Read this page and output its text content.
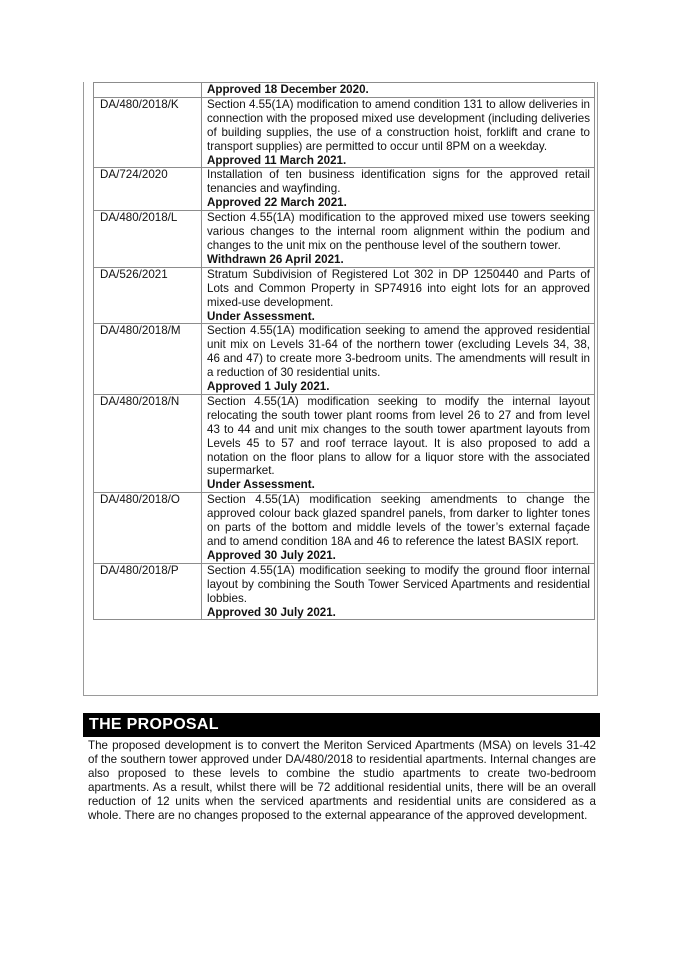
	Approved 18 December 2020.

DA/480/2018/K	Section 4.55(1A) modification to amend condition 131 to allow deliveries in connection with the proposed mixed use development (including deliveries of building supplies, the use of a construction hoist, forklift and crane to transport supplies) are permitted to occur until 8PM on a weekday.
Approved 11 March 2021.

DA/724/2020	Installation of ten business identification signs for the approved retail tenancies and wayfinding.
Approved 22 March 2021.

DA/480/2018/L	Section 4.55(1A) modification to the approved mixed use towers seeking various changes to the internal room alignment within the podium and changes to the unit mix on the penthouse level of the southern tower.
Withdrawn 26 April 2021.

DA/526/2021	Stratum Subdivision of Registered Lot 302 in DP 1250440 and Parts of Lots and Common Property in SP74916 into eight lots for an approved mixed-use development.
Under Assessment.

DA/480/2018/M	Section 4.55(1A) modification seeking to amend the approved residential unit mix on Levels 31-64 of the northern tower (excluding Levels 34, 38, 46 and 47) to create more 3-bedroom units. The amendments will result in a reduction of 30 residential units.
Approved 1 July 2021.

DA/480/2018/N	Section 4.55(1A) modification seeking to modify the internal layout relocating the south tower plant rooms from level 26 to 27 and from level 43 to 44 and unit mix changes to the south tower apartment layouts from Levels 45 to 57 and roof terrace layout. It is also proposed to add a notation on the floor plans to allow for a liquor store with the associated supermarket.
Under Assessment.

DA/480/2018/O	Section 4.55(1A) modification seeking amendments to change the approved colour back glazed spandrel panels, from darker to lighter tones on parts of the bottom and middle levels of the tower’s external façade and to amend condition 18A and 46 to reference the latest BASIX report.
Approved 30 July 2021.

DA/480/2018/P	Section 4.55(1A) modification seeking to modify the ground floor internal layout by combining the South Tower Serviced Apartments and residential lobbies.
Approved 30 July 2021.
THE PROPOSAL

The proposed development is to convert the Meriton Serviced Apartments (MSA) on levels 31-42 of the southern tower approved under DA/480/2018 to residential apartments. Internal changes are also proposed to these levels to combine the studio apartments to create two-bedroom apartments. As a result, whilst there will be 72 additional residential units, there will be an overall reduction of 12 units when the serviced apartments and residential units are considered as a whole. There are no changes proposed to the external appearance of the approved development.
